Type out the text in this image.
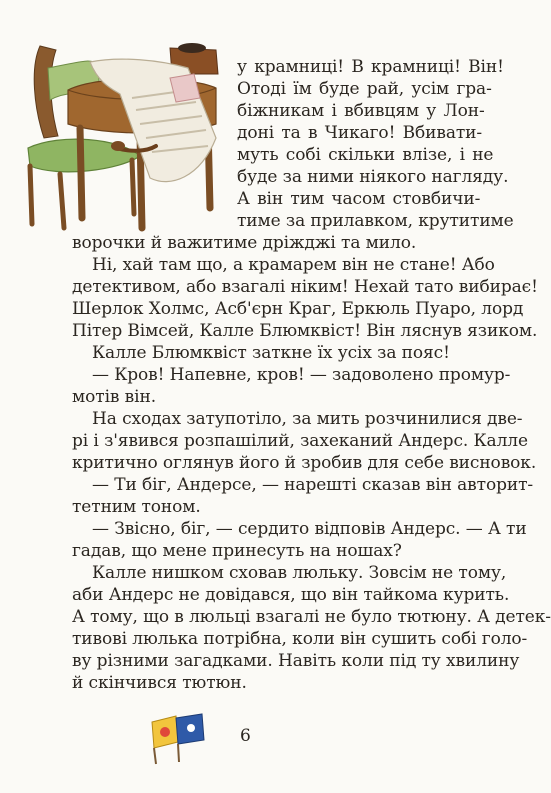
у крамниці! В крамниці! Він!
Отоді їм буде рай, усім гра-
біжникам і вбивцям у Лон-
доні та в Чикаго! Вбивати-
муть собі скільки влізе, і не
буде за ними ніякого нагляду.
А він тим часом стовбичи-
тиме за прилавком, крутитиме
ворочки й важитиме дріжджі та мило.
Ні, хай там що, а крамарем він не стане! Або
детективом, або взагалі ніким! Нехай тато вибирає!
Шерлок Холмс, Асб'єрн Краг, Еркюль Пуаро, лорд
Пітер Вімсей, Калле Блюмквіст! Він ляснув язиком.
Калле Блюмквіст заткне їх усіх за пояс!
— Кров! Напевне, кров! — задоволено промур-
мотів він.
На сходах затупотіло, за мить розчинилися две-
рі і з'явився розпашілий, захеканий Андерс. Калле
критично оглянув його й зробив для себе висновок.
— Ти біг, Андерсе, — нарешті сказав він авторит-
тетним тоном.
— Звісно, біг, — сердито відповів Андерс. — А ти
гадав, що мене принесуть на ношах?
Калле нишком сховав люльку. Зовсім не тому,
аби Андерс не довідався, що він тайкома курить.
А тому, що в люльці взагалі не було тютюну. А детек-
тивові люлька потрібна, коли він сушить собі голо-
ву різними загадками. Навіть коли під ту хвилину
й скінчився тютюн.
6
